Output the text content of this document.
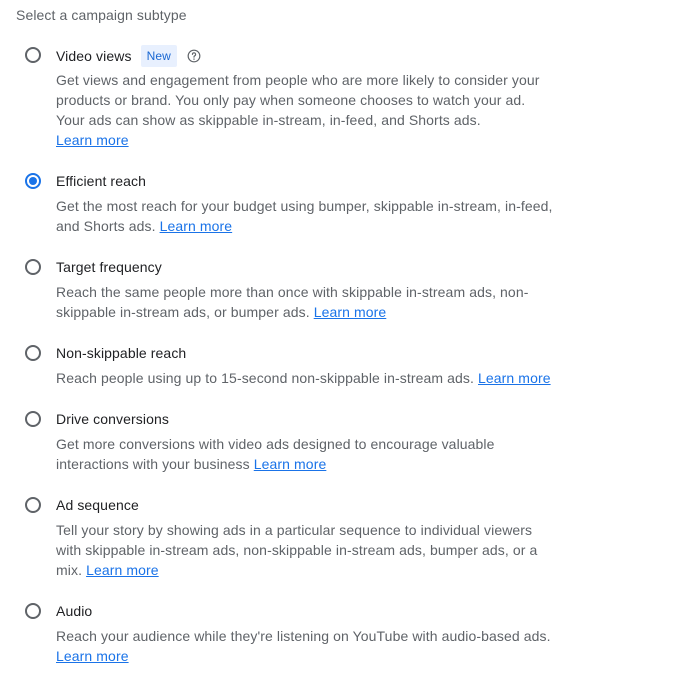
Select a campaign subtype
Video views	New
Get views and engagement from people who are more likely to consider your
products or brand. You only pay when someone chooses to watch your ad.
Your ads can show as skippable in-stream, in-feed, and Shorts ads.
Learn more
Efficient reach
Get the most reach for your budget using bumper, skippable in-stream, in-feed,
and Shorts ads. Learn more
Target frequency
Reach the same people more than once with skippable in-stream ads, non-
skippable in-stream ads, or bumper ads. Learn more
Non-skippable reach
Reach people using up to 15-second non-skippable in-stream ads. Learn more
Drive conversions
Get more conversions with video ads designed to encourage valuable
interactions with your business Learn more
Ad sequence
Tell your story by showing ads in a particular sequence to individual viewers
with skippable in-stream ads, non-skippable in-stream ads, bumper ads, or a
mix. Learn more
Audio
Reach your audience while they're listening on YouTube with audio-based ads.
Learn more
